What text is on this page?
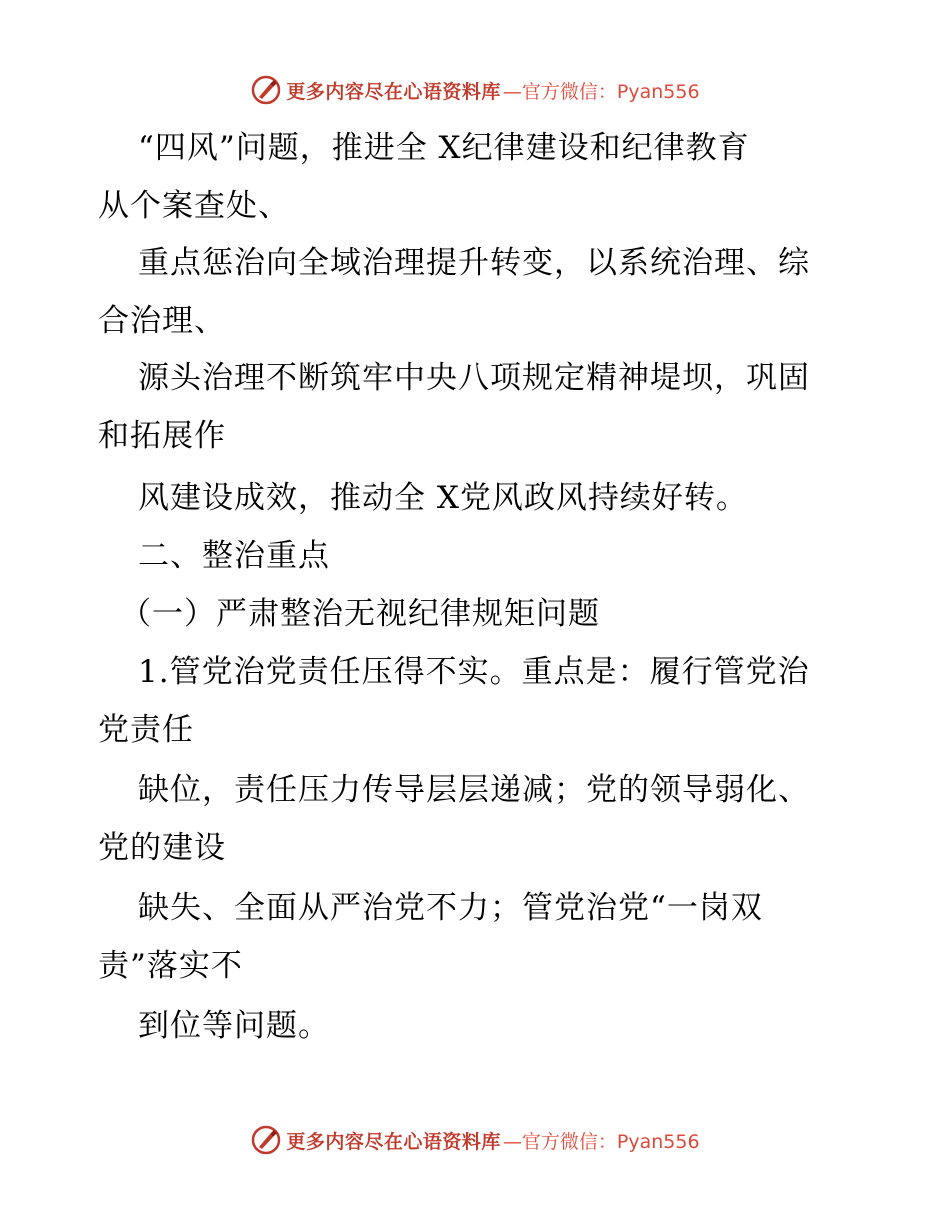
更多内容尽在心语资料库 —官方微信：Pyan556
“四风”问题，推进全 X纪律建设和纪律教育
从个案查处、
重点惩治向全域治理提升转变，以系统治理、综
合治理、
源头治理不断筑牢中央八项规定精神堤坝，巩固
和拓展作
风建设成效，推动全 X党风政风持续好转。
二、整治重点
（一）严肃整治无视纪律规矩问题
1.管党治党责任压得不实。重点是：履行管党治
党责任
缺位，责任压力传导层层递减；党的领导弱化、
党的建设
缺失、全面从严治党不力；管党治党“一岗双
责”落实不
到位等问题。
更多内容尽在心语资料库 —官方微信：Pyan556
